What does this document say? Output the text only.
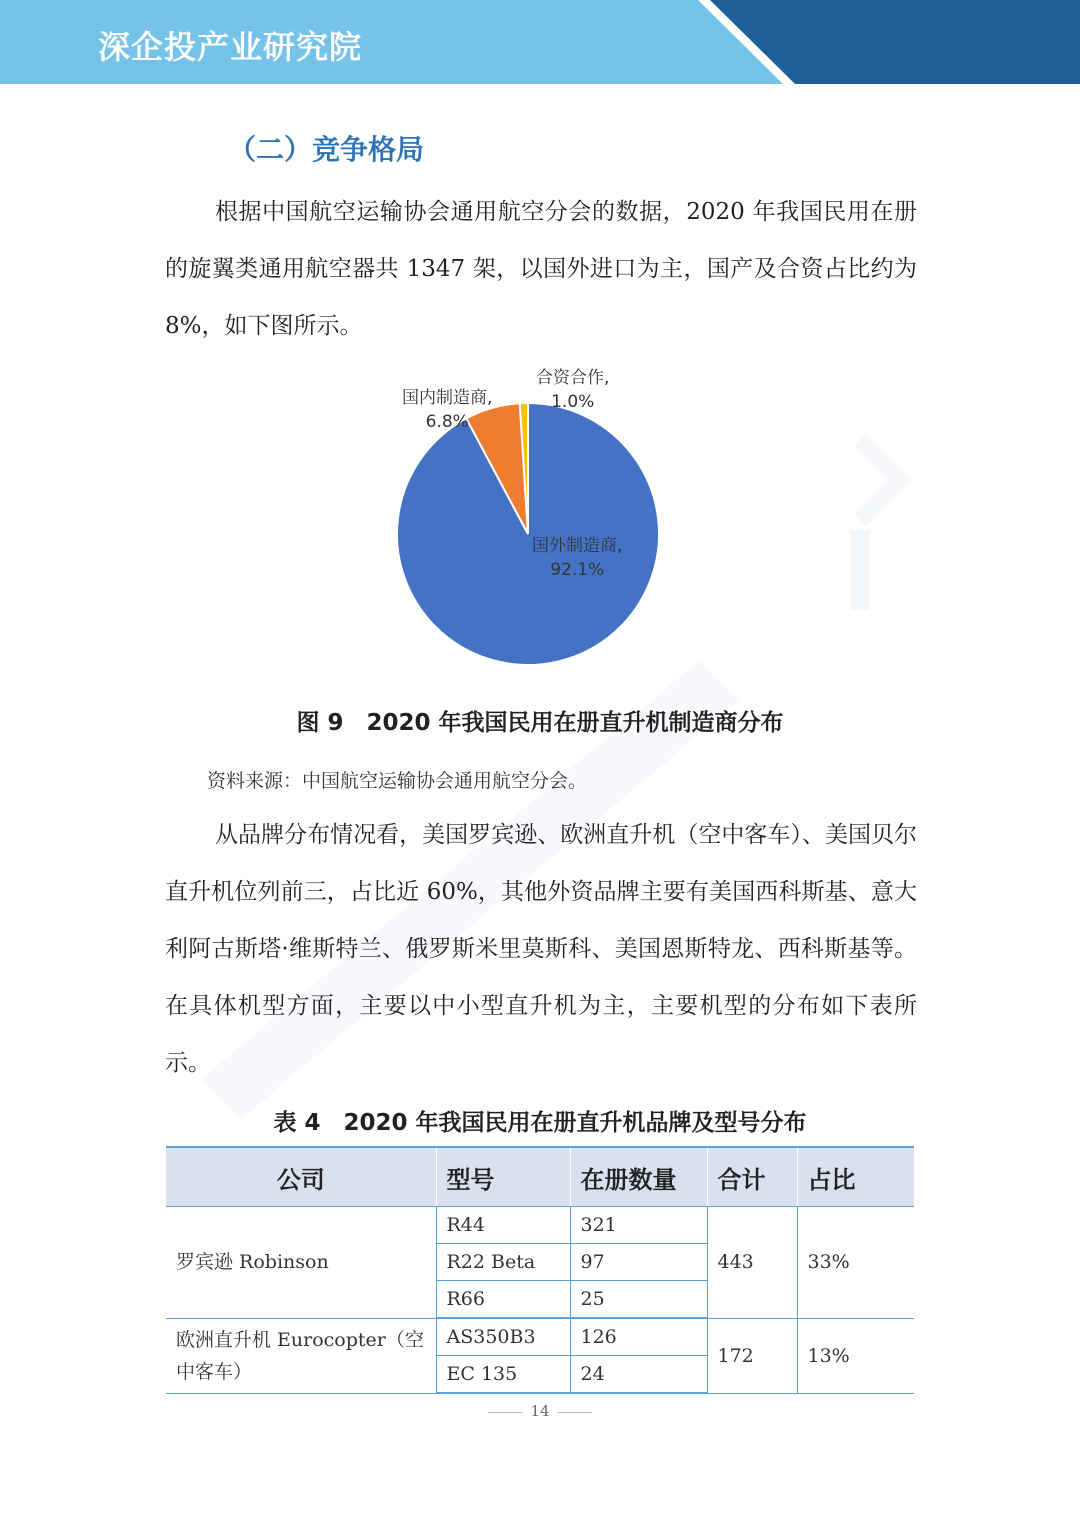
深企投产业研究院
（二）竞争格局

根据中国航空运输协会通用航空分会的数据，2020 年我国民用在册的旋翼类通用航空器共 1347 架，以国外进口为主，国产及合资占比约为 8%，如下图所示。

国外制造商,
92.1%
国内制造商,
6.8%
合资合作,
1.0%
图 9　2020 年我国民用在册直升机制造商分布
资料来源：中国航空运输协会通用航空分会。

从品牌分布情况看，美国罗宾逊、欧洲直升机（空中客车）、美国贝尔直升机位列前三，占比近 60%，其他外资品牌主要有美国西科斯基、意大利阿古斯塔·维斯特兰、俄罗斯米里莫斯科、美国恩斯特龙、西科斯基等。在具体机型方面，主要以中小型直升机为主，主要机型的分布如下表所示。

表 4　2020 年我国民用在册直升机品牌及型号分布
公司	型号	在册数量	合计	占比
罗宾逊 Robinson	R44	321	443	33%
	R22 Beta	97		
	R66	25		
欧洲直升机 Eurocopter（空中客车）	AS350B3	126	172	13%
	EC 135	24		
14
